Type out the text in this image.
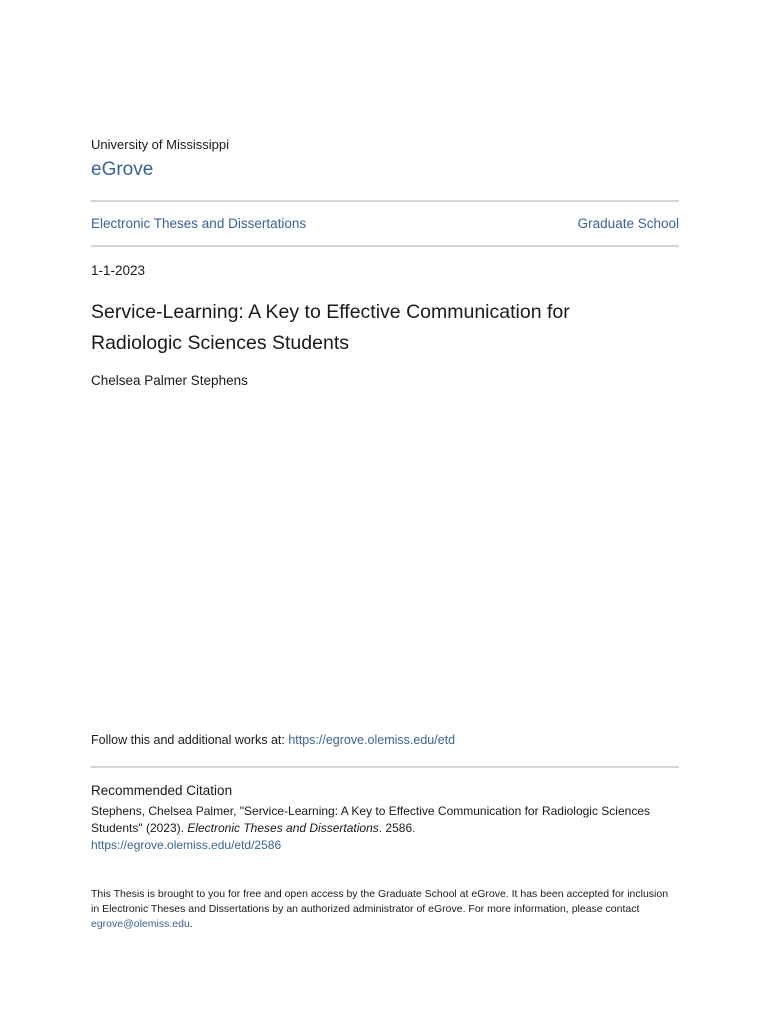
University of Mississippi
eGrove
Electronic Theses and Dissertations	Graduate School
1-1-2023
Service-Learning: A Key to Effective Communication for
Radiologic Sciences Students
Chelsea Palmer Stephens
Follow this and additional works at: https://egrove.olemiss.edu/etd
Recommended Citation
Stephens, Chelsea Palmer, "Service-Learning: A Key to Effective Communication for Radiologic Sciences Students" (2023). Electronic Theses and Dissertations. 2586.
https://egrove.olemiss.edu/etd/2586
This Thesis is brought to you for free and open access by the Graduate School at eGrove. It has been accepted for inclusion in Electronic Theses and Dissertations by an authorized administrator of eGrove. For more information, please contact egrove@olemiss.edu.
